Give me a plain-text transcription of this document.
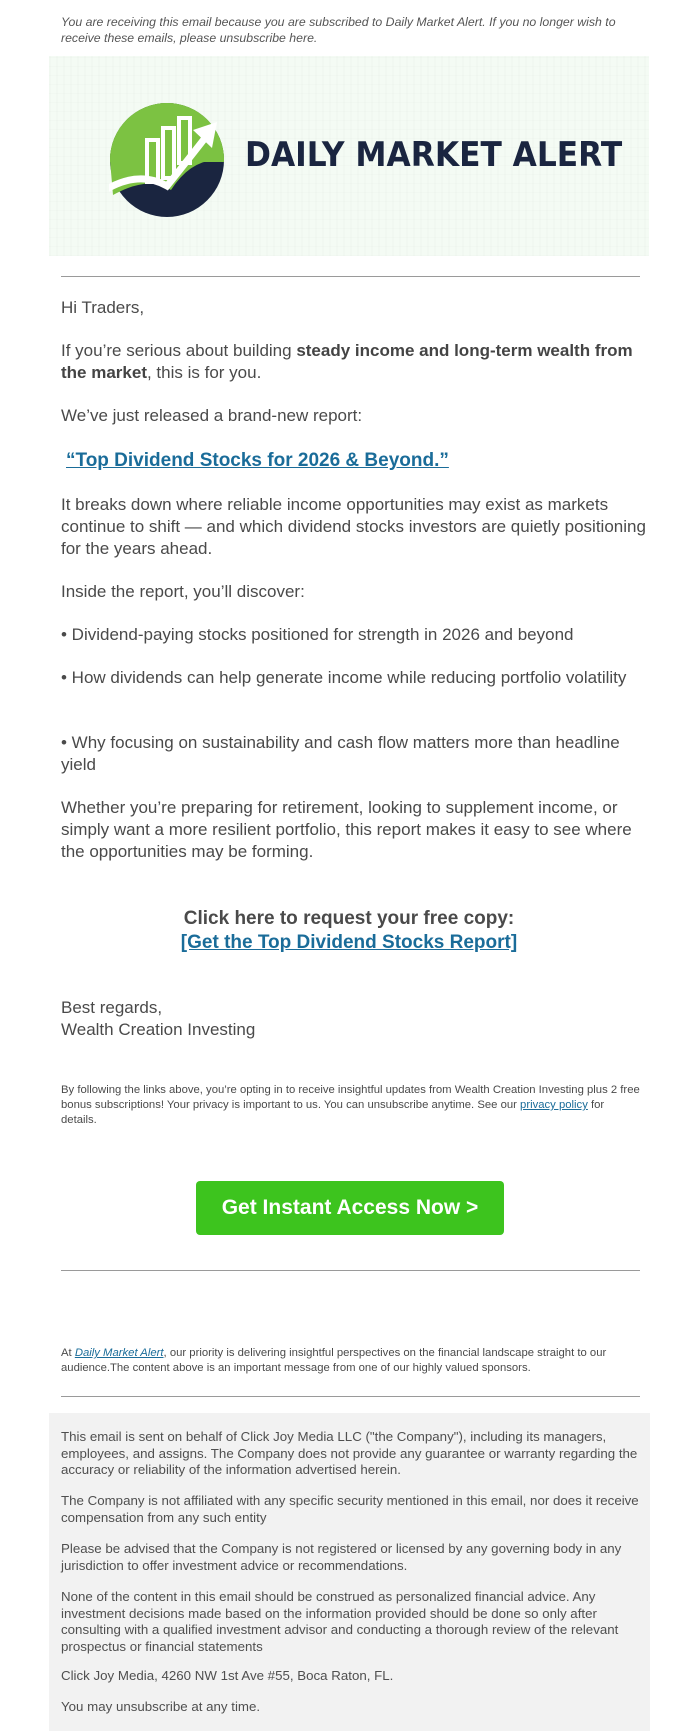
You are receiving this email because you are subscribed to Daily Market Alert. If you no longer wish to receive these emails, please unsubscribe here.
DAILY MARKET ALERT
Hi Traders,
If you’re serious about building steady income and long-term wealth from the market, this is for you.
We’ve just released a brand-new report:
“Top Dividend Stocks for 2026 & Beyond.”
It breaks down where reliable income opportunities may exist as markets continue to shift — and which dividend stocks investors are quietly positioning for the years ahead.
Inside the report, you’ll discover:
• Dividend-paying stocks positioned for strength in 2026 and beyond
• How dividends can help generate income while reducing portfolio volatility
• Why focusing on sustainability and cash flow matters more than headline yield
Whether you’re preparing for retirement, looking to supplement income, or simply want a more resilient portfolio, this report makes it easy to see where the opportunities may be forming.
Click here to request your free copy:
[Get the Top Dividend Stocks Report]
Best regards,
Wealth Creation Investing
By following the links above, you’re opting in to receive insightful updates from Wealth Creation Investing plus 2 free bonus subscriptions! Your privacy is important to us. You can unsubscribe anytime. See our privacy policy for details.
Get Instant Access Now >
At Daily Market Alert, our priority is delivering insightful perspectives on the financial landscape straight to our audience.The content above is an important message from one of our highly valued sponsors.
This email is sent on behalf of Click Joy Media LLC ("the Company"), including its managers, employees, and assigns. The Company does not provide any guarantee or warranty regarding the accuracy or reliability of the information advertised herein.
The Company is not affiliated with any specific security mentioned in this email, nor does it receive compensation from any such entity
Please be advised that the Company is not registered or licensed by any governing body in any jurisdiction to offer investment advice or recommendations.
None of the content in this email should be construed as personalized financial advice. Any investment decisions made based on the information provided should be done so only after consulting with a qualified investment advisor and conducting a thorough review of the relevant prospectus or financial statements
Click Joy Media, 4260 NW 1st Ave #55, Boca Raton, FL.
You may unsubscribe at any time.
